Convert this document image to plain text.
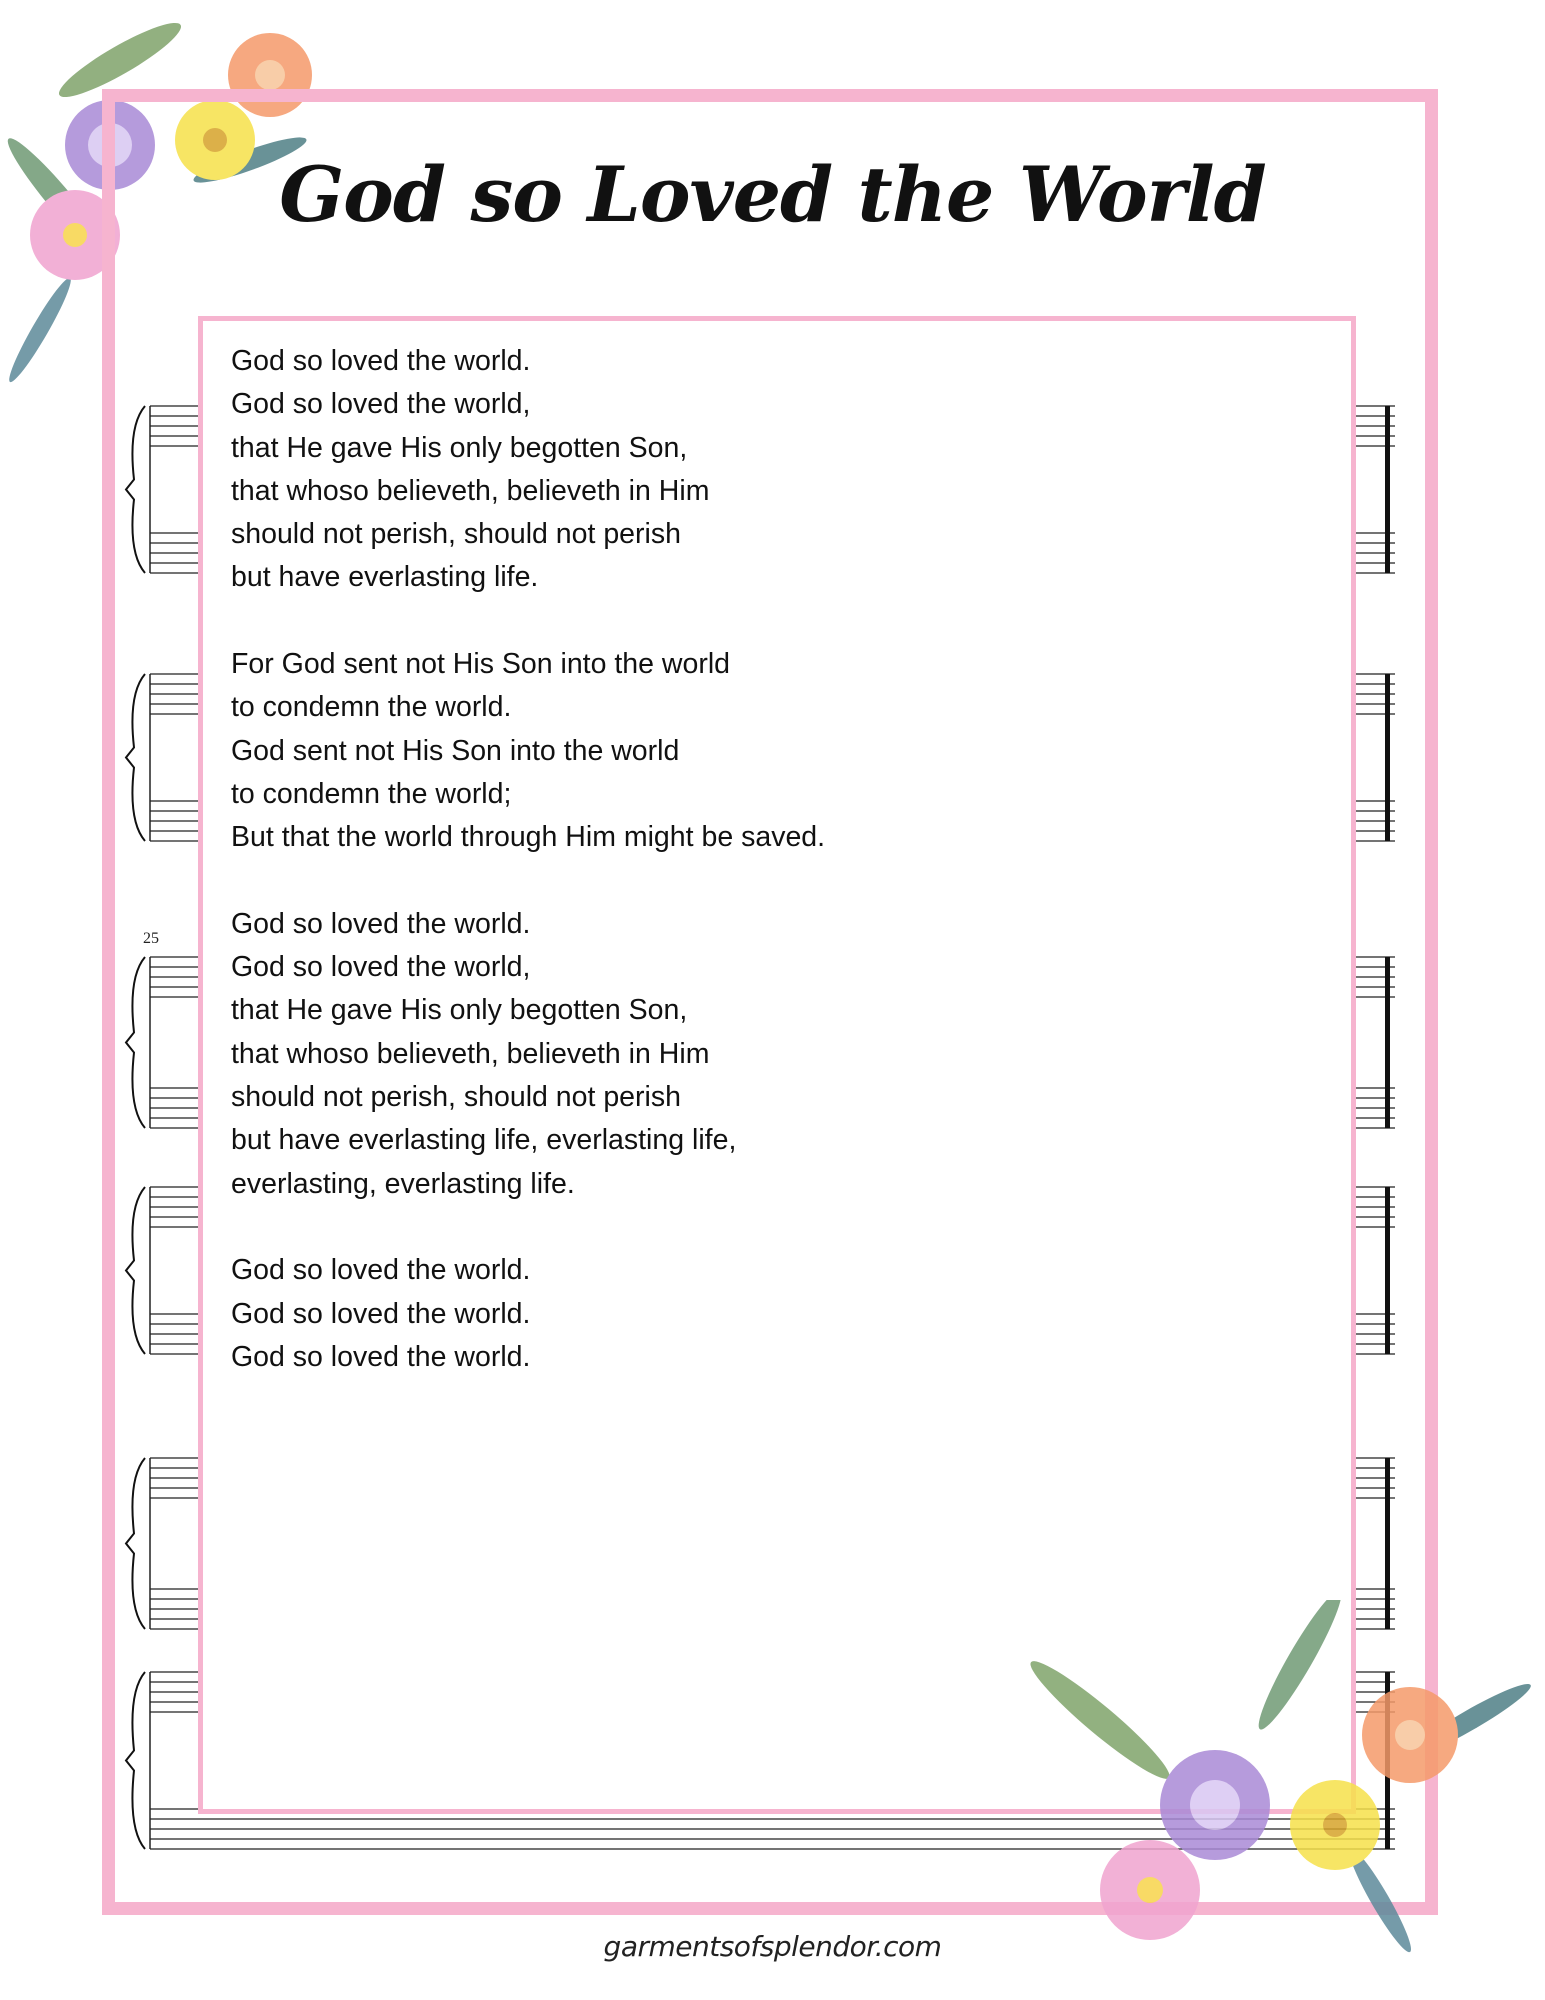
God so Loved the World
25
God so loved the world.
God so loved the world,
that He gave His only begotten Son,
that whoso believeth, believeth in Him
should not perish, should not perish
but have everlasting life.
For God sent not His Son into the world
to condemn the world.
God sent not His Son into the world
to condemn the world;
But that the world through Him might be saved.
God so loved the world.
God so loved the world,
that He gave His only begotten Son,
that whoso believeth, believeth in Him
should not perish, should not perish
but have everlasting life, everlasting life,
everlasting, everlasting life.
God so loved the world.
God so loved the world.
God so loved the world.
garmentsofsplendor.com
